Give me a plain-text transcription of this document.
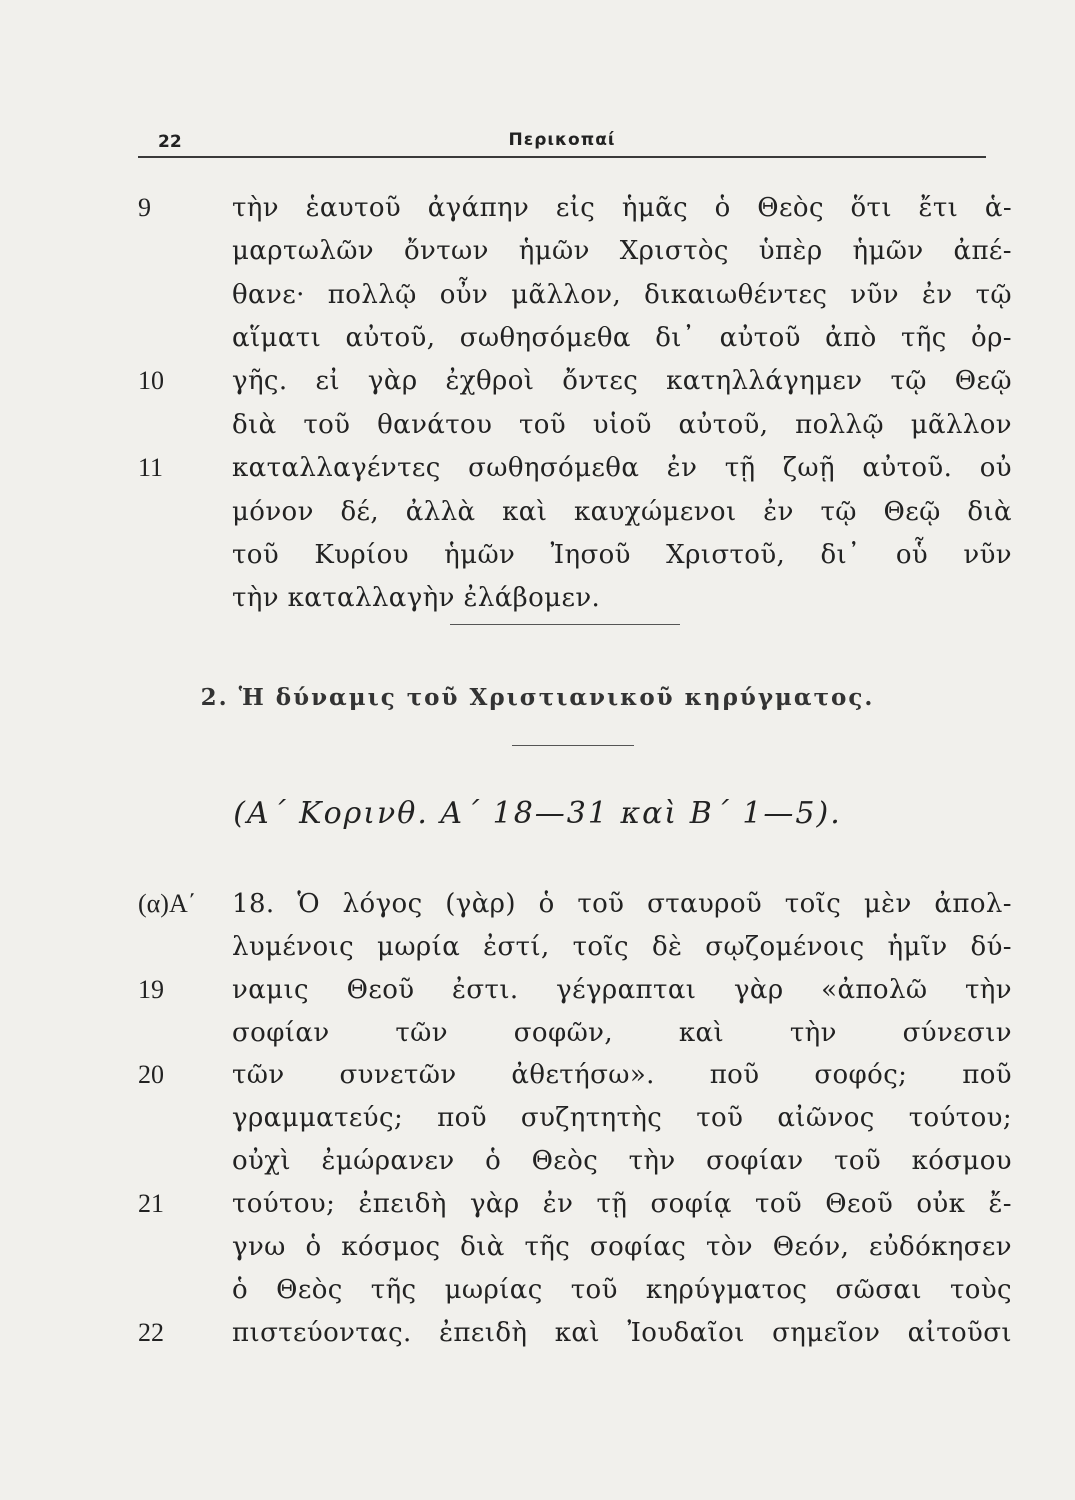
22	Περικοπαί
9	τὴν ἑαυτοῦ ἀγάπην εἰς ἡμᾶς ὁ Θεὸς ὅτι ἔτι ἁ-
μαρτωλῶν ὄντων ἡμῶν Χριστὸς ὑπὲρ ἡμῶν ἀπέ-
θανε· πολλῷ οὖν μᾶλλον, δικαιωθέντες νῦν ἐν τῷ
αἵματι αὐτοῦ, σωθησόμεθα δι᾿ αὐτοῦ ἀπὸ τῆς ὀρ-
10	γῆς. εἰ γὰρ ἐχθροὶ ὄντες κατηλλάγημεν τῷ Θεῷ
διὰ τοῦ θανάτου τοῦ υἱοῦ αὐτοῦ, πολλῷ μᾶλλον
11	καταλλαγέντες σωθησόμεθα ἐν τῇ ζωῇ αὐτοῦ. οὐ
μόνον δέ, ἀλλὰ καὶ καυχώμενοι ἐν τῷ Θεῷ διὰ
τοῦ Κυρίου ἡμῶν Ἰησοῦ Χριστοῦ, δι᾿ οὗ νῦν
τὴν καταλλαγὴν ἐλάβομεν.
2. Ἡ δύναμις τοῦ Χριστιανικοῦ κηρύγματος.
(Α΄ Κορινθ. Α΄ 18—31 καὶ Β΄ 1—5).
(α)Α΄	18. Ὁ λόγος (γὰρ) ὁ τοῦ σταυροῦ τοῖς μὲν ἀπολ-
λυμένοις μωρία ἐστί, τοῖς δὲ σῳζομένοις ἡμῖν δύ-
19	ναμις Θεοῦ ἐστι. γέγραπται γὰρ «ἀπολῶ τὴν
σοφίαν τῶν σοφῶν, καὶ τὴν σύνεσιν
20	τῶν συνετῶν ἀθετήσω». ποῦ σοφός; ποῦ
γραμματεύς; ποῦ συζητητὴς τοῦ αἰῶνος τούτου;
οὐχὶ ἐμώρανεν ὁ Θεὸς τὴν σοφίαν τοῦ κόσμου
21	τούτου; ἐπειδὴ γὰρ ἐν τῇ σοφίᾳ τοῦ Θεοῦ οὐκ ἔ-
γνω ὁ κόσμος διὰ τῆς σοφίας τὸν Θεόν, εὐδόκησεν
ὁ Θεὸς τῆς μωρίας τοῦ κηρύγματος σῶσαι τοὺς
22	πιστεύοντας. ἐπειδὴ καὶ Ἰουδαῖοι σημεῖον αἰτοῦσι
